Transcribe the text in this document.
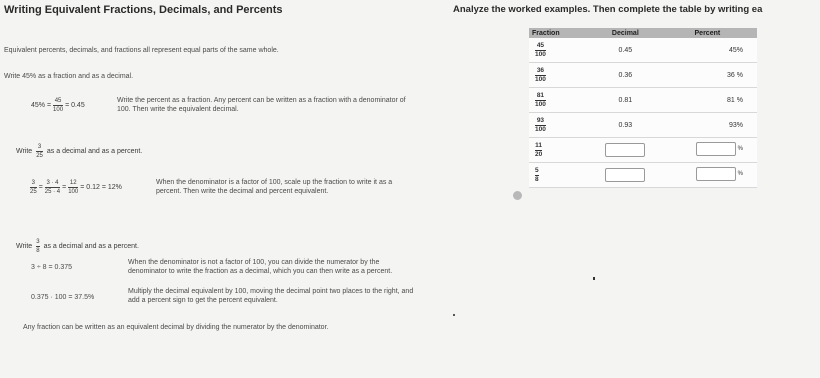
Writing Equivalent Fractions, Decimals, and Percents	Analyze the worked examples. Then complete the table by writing ea
Equivalent percents, decimals, and fractions all represent equal parts of the same whole.
Write 45% as a fraction and as a decimal.
$45\% = \frac{45}{100} = 0.45$
Write the percent as a fraction. Any percent can be written as a fraction with a denominator of
100. Then write the equivalent decimal.
Write $\frac{3}{25}$ as a decimal and as a percent.
$\frac{3}{25} = \frac{3 \cdot 4}{25 \cdot 4} = \frac{12}{100} = 0.12 = 12\%$
When the denominator is a factor of 100, scale up the fraction to write it as a
percent. Then write the decimal and percent equivalent.
Write $\frac{3}{8}$ as a decimal and as a percent.
3 ÷ 8 = 0.375
When the denominator is not a factor of 100, you can divide the numerator by the
denominator to write the fraction as a decimal, which you can then write as a percent.
0.375 · 100 = 37.5%
Multiply the decimal equivalent by 100, moving the decimal point two places to the right, and
add a percent sign to get the percent equivalent.
Any fraction can be written as an equivalent decimal by dividing the numerator by the denominator.
Fraction	Decimal	Percent

$\frac{45}{100}$	0.45	45%

$\frac{36}{100}$	0.36	36 %

$\frac{81}{100}$	0.81	81 %

$\frac{93}{100}$	0.93	93%

$\frac{11}{20}$		%

$\frac{5}{8}$		%
